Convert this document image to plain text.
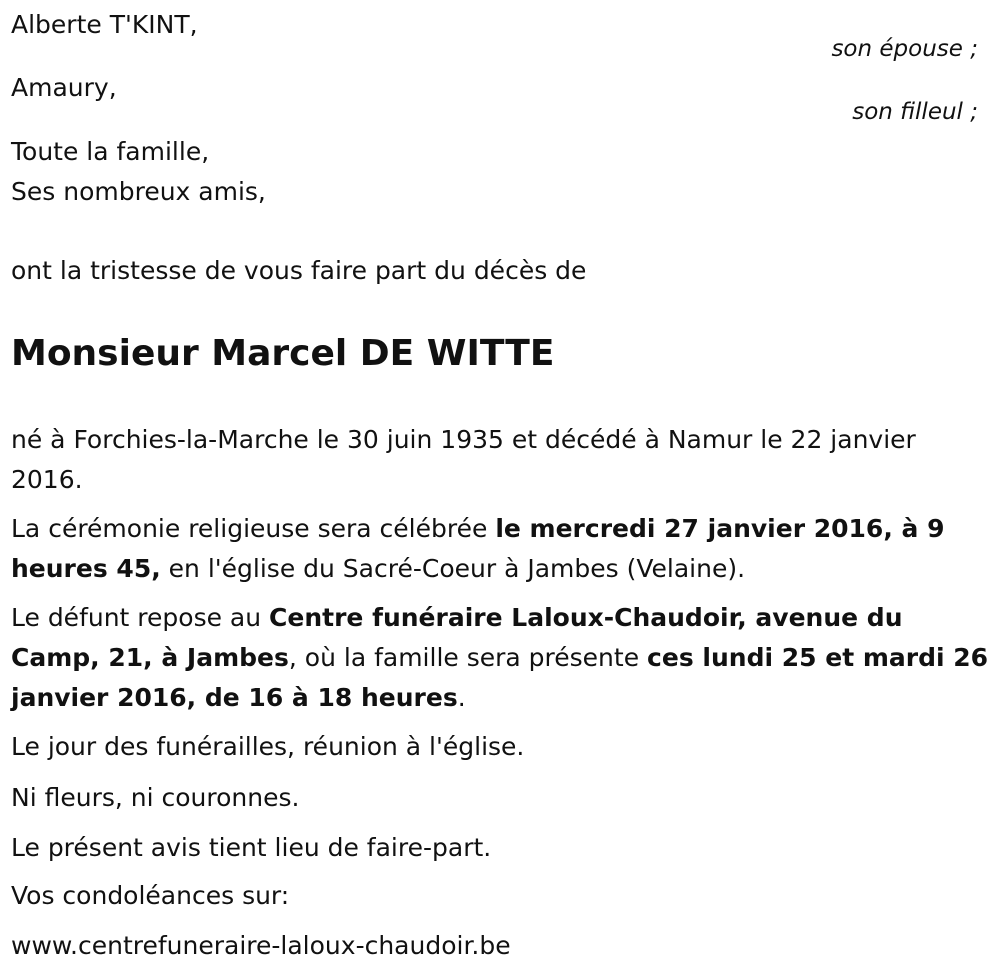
Alberte T'KINT,

son épouse ;

Amaury,

son filleul ;

Toute la famille,

Ses nombreux amis,

ont la tristesse de vous faire part du décès de

Monsieur Marcel DE WITTE

né à Forchies-la-Marche le 30 juin 1935 et décédé à Namur le 22 janvier 2016.

La cérémonie religieuse sera célébrée le mercredi 27 janvier 2016, à 9 heures 45, en l'église du Sacré-Coeur à Jambes (Velaine).

Le défunt repose au Centre funéraire Laloux-Chaudoir, avenue du Camp, 21, à Jambes, où la famille sera présente ces lundi 25 et mardi 26 janvier 2016, de 16 à 18 heures.

Le jour des funérailles, réunion à l'église.

Ni fleurs, ni couronnes.

Le présent avis tient lieu de faire-part.

Vos condoléances sur:

www.centrefuneraire-laloux-chaudoir.be
